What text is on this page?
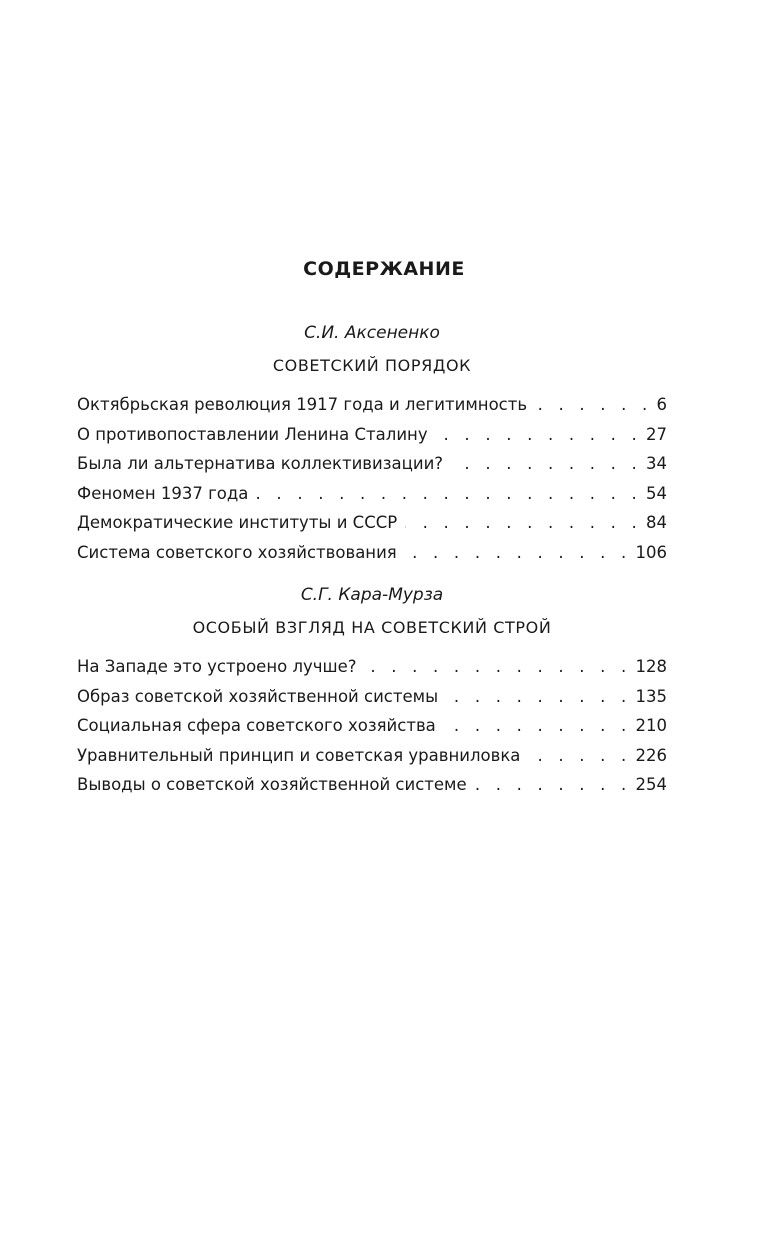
СОДЕРЖАНИЕ
С.И. Аксененко
СОВЕТСКИЙ ПОРЯДОК
Октябрьская революция 1917 года и легитимность . . .	6
О противопоставлении Ленина Сталину . . .	27
Была ли альтернатива коллективизации? . . .	34
Феномен 1937 года . . .	54
Демократические институты и СССР . . .	84
Система советского хозяйствования . . .	106
С.Г. Кара-Мурза
ОСОБЫЙ ВЗГЛЯД НА СОВЕТСКИЙ СТРОЙ
На Западе это устроено лучше? . . .	128
Образ советской хозяйственной системы . . .	135
Социальная сфера советского хозяйства . . .	210
Уравнительный принцип и советская уравниловка . . .	226
Выводы о советской хозяйственной системе . . .	254
